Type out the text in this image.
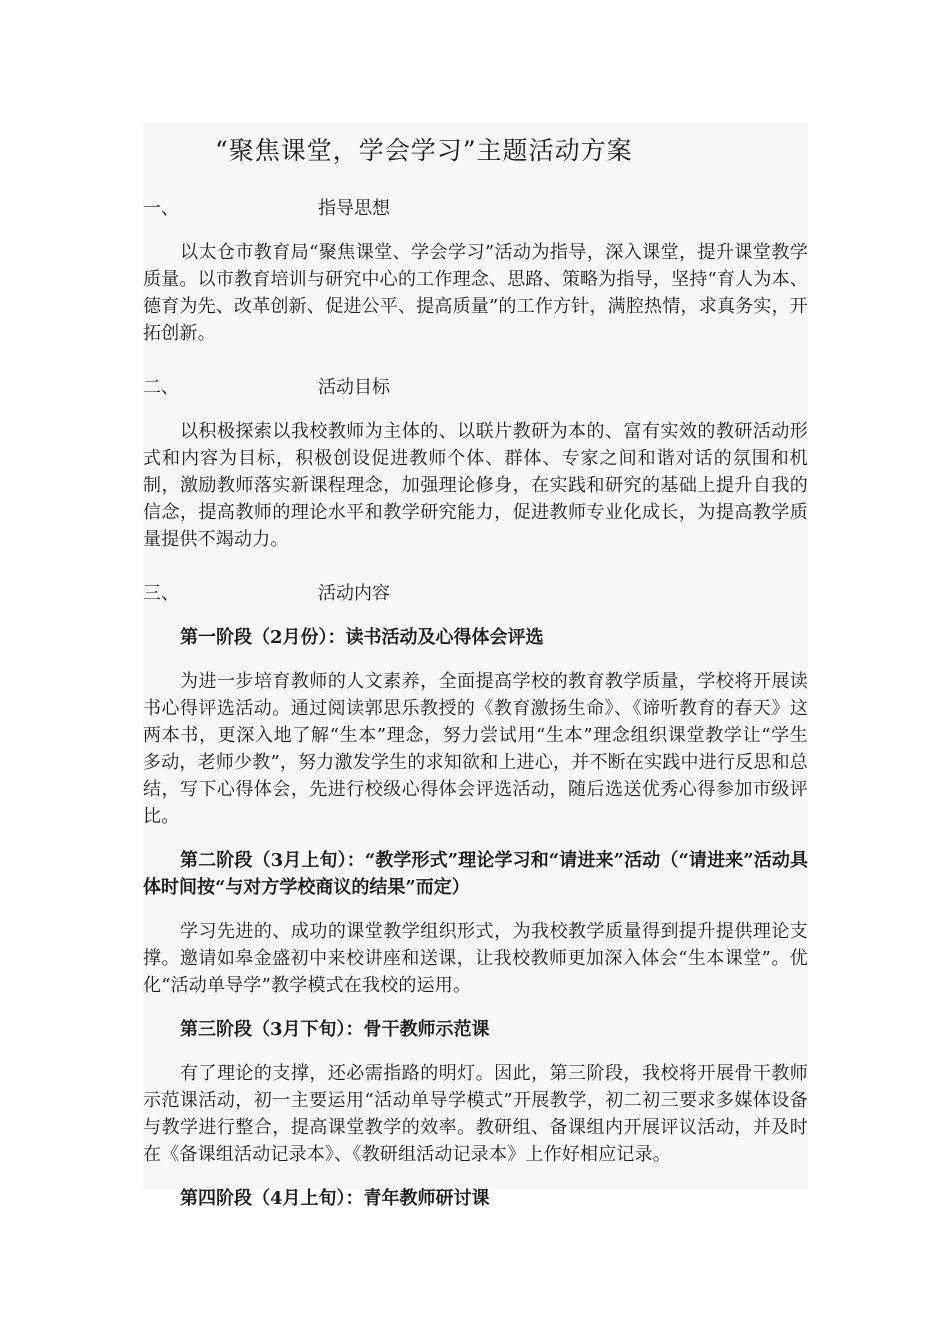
“聚焦课堂，学会学习”主题活动方案
一、	指导思想

以太仓市教育局“聚焦课堂、学会学习”活动为指导，深入课堂，提升课堂教学质量。以市教育培训与研究中心的工作理念、思路、策略为指导，坚持“育人为本、德育为先、改革创新、促进公平、提高质量”的工作方针，满腔热情，求真务实，开拓创新。

二、	活动目标

以积极探索以我校教师为主体的、以联片教研为本的、富有实效的教研活动形式和内容为目标，积极创设促进教师个体、群体、专家之间和谐对话的氛围和机制，激励教师落实新课程理念，加强理论修身，在实践和研究的基础上提升自我的信念，提高教师的理论水平和教学研究能力，促进教师专业化成长，为提高教学质量提供不竭动力。

三、	活动内容

第一阶段（2月份）：读书活动及心得体会评选

为进一步培育教师的人文素养，全面提高学校的教育教学质量，学校将开展读书心得评选活动。通过阅读郭思乐教授的《教育激扬生命》、《谛听教育的春天》这两本书，更深入地了解“生本”理念，努力尝试用“生本”理念组织课堂教学让“学生多动，老师少教”，努力激发学生的求知欲和上进心，并不断在实践中进行反思和总结，写下心得体会，先进行校级心得体会评选活动，随后选送优秀心得参加市级评比。

第二阶段（3月上旬）：“教学形式”理论学习和“请进来”活动（“请进来”活动具体时间按“与对方学校商议的结果”而定）

学习先进的、成功的课堂教学组织形式，为我校教学质量得到提升提供理论支撑。邀请如皋金盛初中来校讲座和送课，让我校教师更加深入体会“生本课堂”。优化“活动单导学”教学模式在我校的运用。

第三阶段（3月下旬）：骨干教师示范课

有了理论的支撑，还必需指路的明灯。因此，第三阶段，我校将开展骨干教师示范课活动，初一主要运用“活动单导学模式”开展教学，初二初三要求多媒体设备与教学进行整合，提高课堂教学的效率。教研组、备课组内开展评议活动，并及时在《备课组活动记录本》、《教研组活动记录本》上作好相应记录。

第四阶段（4月上旬）：青年教师研讨课
